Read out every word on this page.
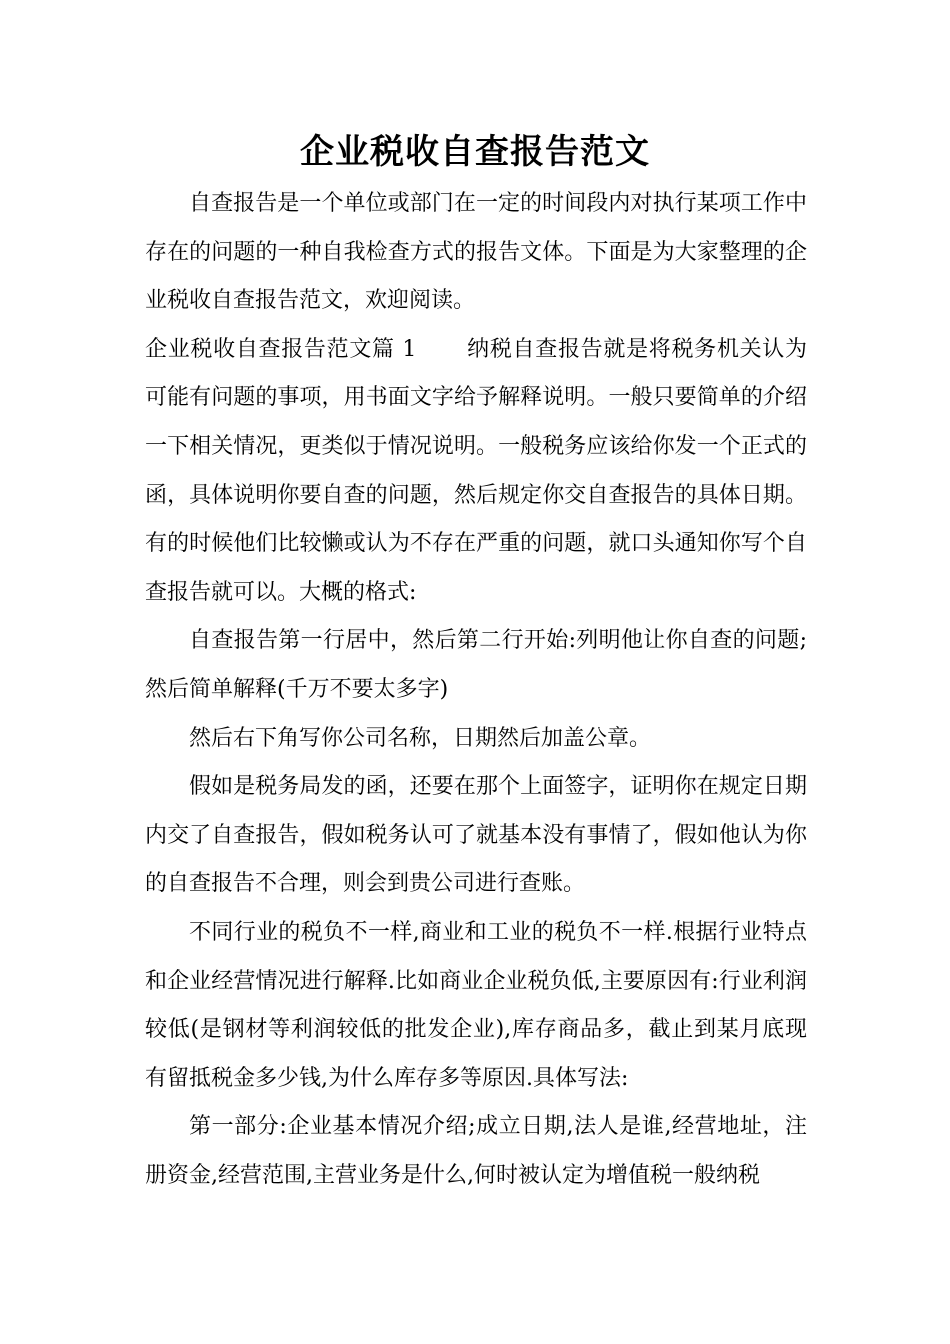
企业税收自查报告范文

自查报告是一个单位或部门在一定的时间段内对执行某项工作中存在的问题的一种自我检查方式的报告文体。下面是为大家整理的企业税收自查报告范文，欢迎阅读。

企业税收自查报告范文篇 1 纳税自查报告就是将税务机关认为可能有问题的事项，用书面文字给予解释说明。一般只要简单的介绍一下相关情况，更类似于情况说明。一般税务应该给你发一个正式的函，具体说明你要自查的问题，然后规定你交自查报告的具体日期。有的时候他们比较懒或认为不存在严重的问题，就口头通知你写个自查报告就可以。大概的格式:

自查报告第一行居中，然后第二行开始:列明他让你自查的问题;然后简单解释(千万不要太多字)

然后右下角写你公司名称，日期然后加盖公章。

假如是税务局发的函，还要在那个上面签字，证明你在规定日期内交了自查报告，假如税务认可了就基本没有事情了，假如他认为你的自查报告不合理，则会到贵公司进行查账。

不同行业的税负不一样,商业和工业的税负不一样.根据行业特点和企业经营情况进行解释.比如商业企业税负低,主要原因有:行业利润较低(是钢材等利润较低的批发企业),库存商品多，截止到某月底现有留抵税金多少钱,为什么库存多等原因.具体写法:

第一部分:企业基本情况介绍;成立日期,法人是谁,经营地址，注册资金,经营范围,主营业务是什么,何时被认定为增值税一般纳税
